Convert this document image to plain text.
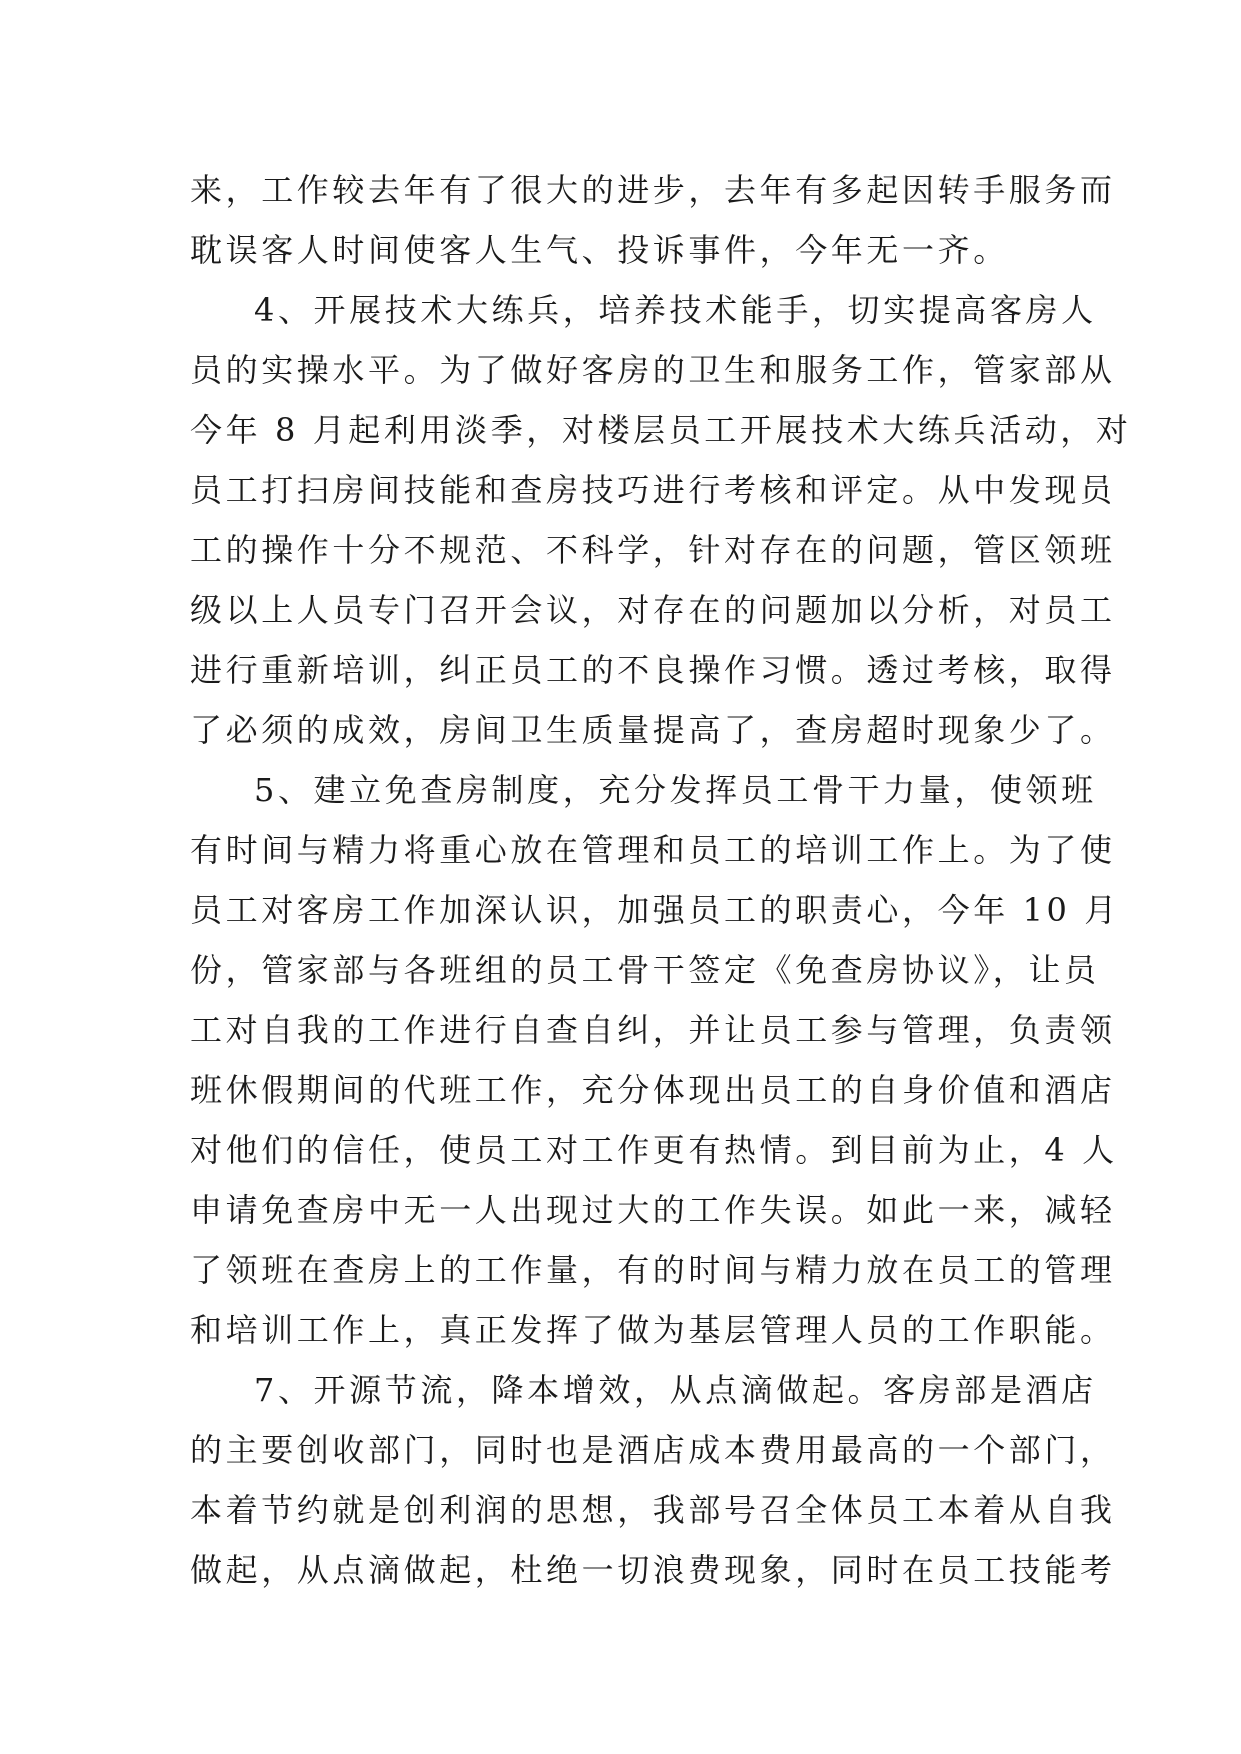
来，工作较去年有了很大的进步，去年有多起因转手服务而
耽误客人时间使客人生气、投诉事件，今年无一齐。
4、开展技术大练兵，培养技术能手，切实提高客房人
员的实操水平。为了做好客房的卫生和服务工作，管家部从
今年 8 月起利用淡季，对楼层员工开展技术大练兵活动，对
员工打扫房间技能和查房技巧进行考核和评定。从中发现员
工的操作十分不规范、不科学，针对存在的问题，管区领班
级以上人员专门召开会议，对存在的问题加以分析，对员工
进行重新培训，纠正员工的不良操作习惯。透过考核，取得
了必须的成效，房间卫生质量提高了，查房超时现象少了。
5、建立免查房制度，充分发挥员工骨干力量，使领班
有时间与精力将重心放在管理和员工的培训工作上。为了使
员工对客房工作加深认识，加强员工的职责心，今年 10 月
份，管家部与各班组的员工骨干签定《免查房协议》，让员
工对自我的工作进行自查自纠，并让员工参与管理，负责领
班休假期间的代班工作，充分体现出员工的自身价值和酒店
对他们的信任，使员工对工作更有热情。到目前为止，4 人
申请免查房中无一人出现过大的工作失误。如此一来，减轻
了领班在查房上的工作量，有的时间与精力放在员工的管理
和培训工作上，真正发挥了做为基层管理人员的工作职能。
7、开源节流，降本增效，从点滴做起。客房部是酒店
的主要创收部门，同时也是酒店成本费用最高的一个部门，
本着节约就是创利润的思想，我部号召全体员工本着从自我
做起，从点滴做起，杜绝一切浪费现象，同时在员工技能考
